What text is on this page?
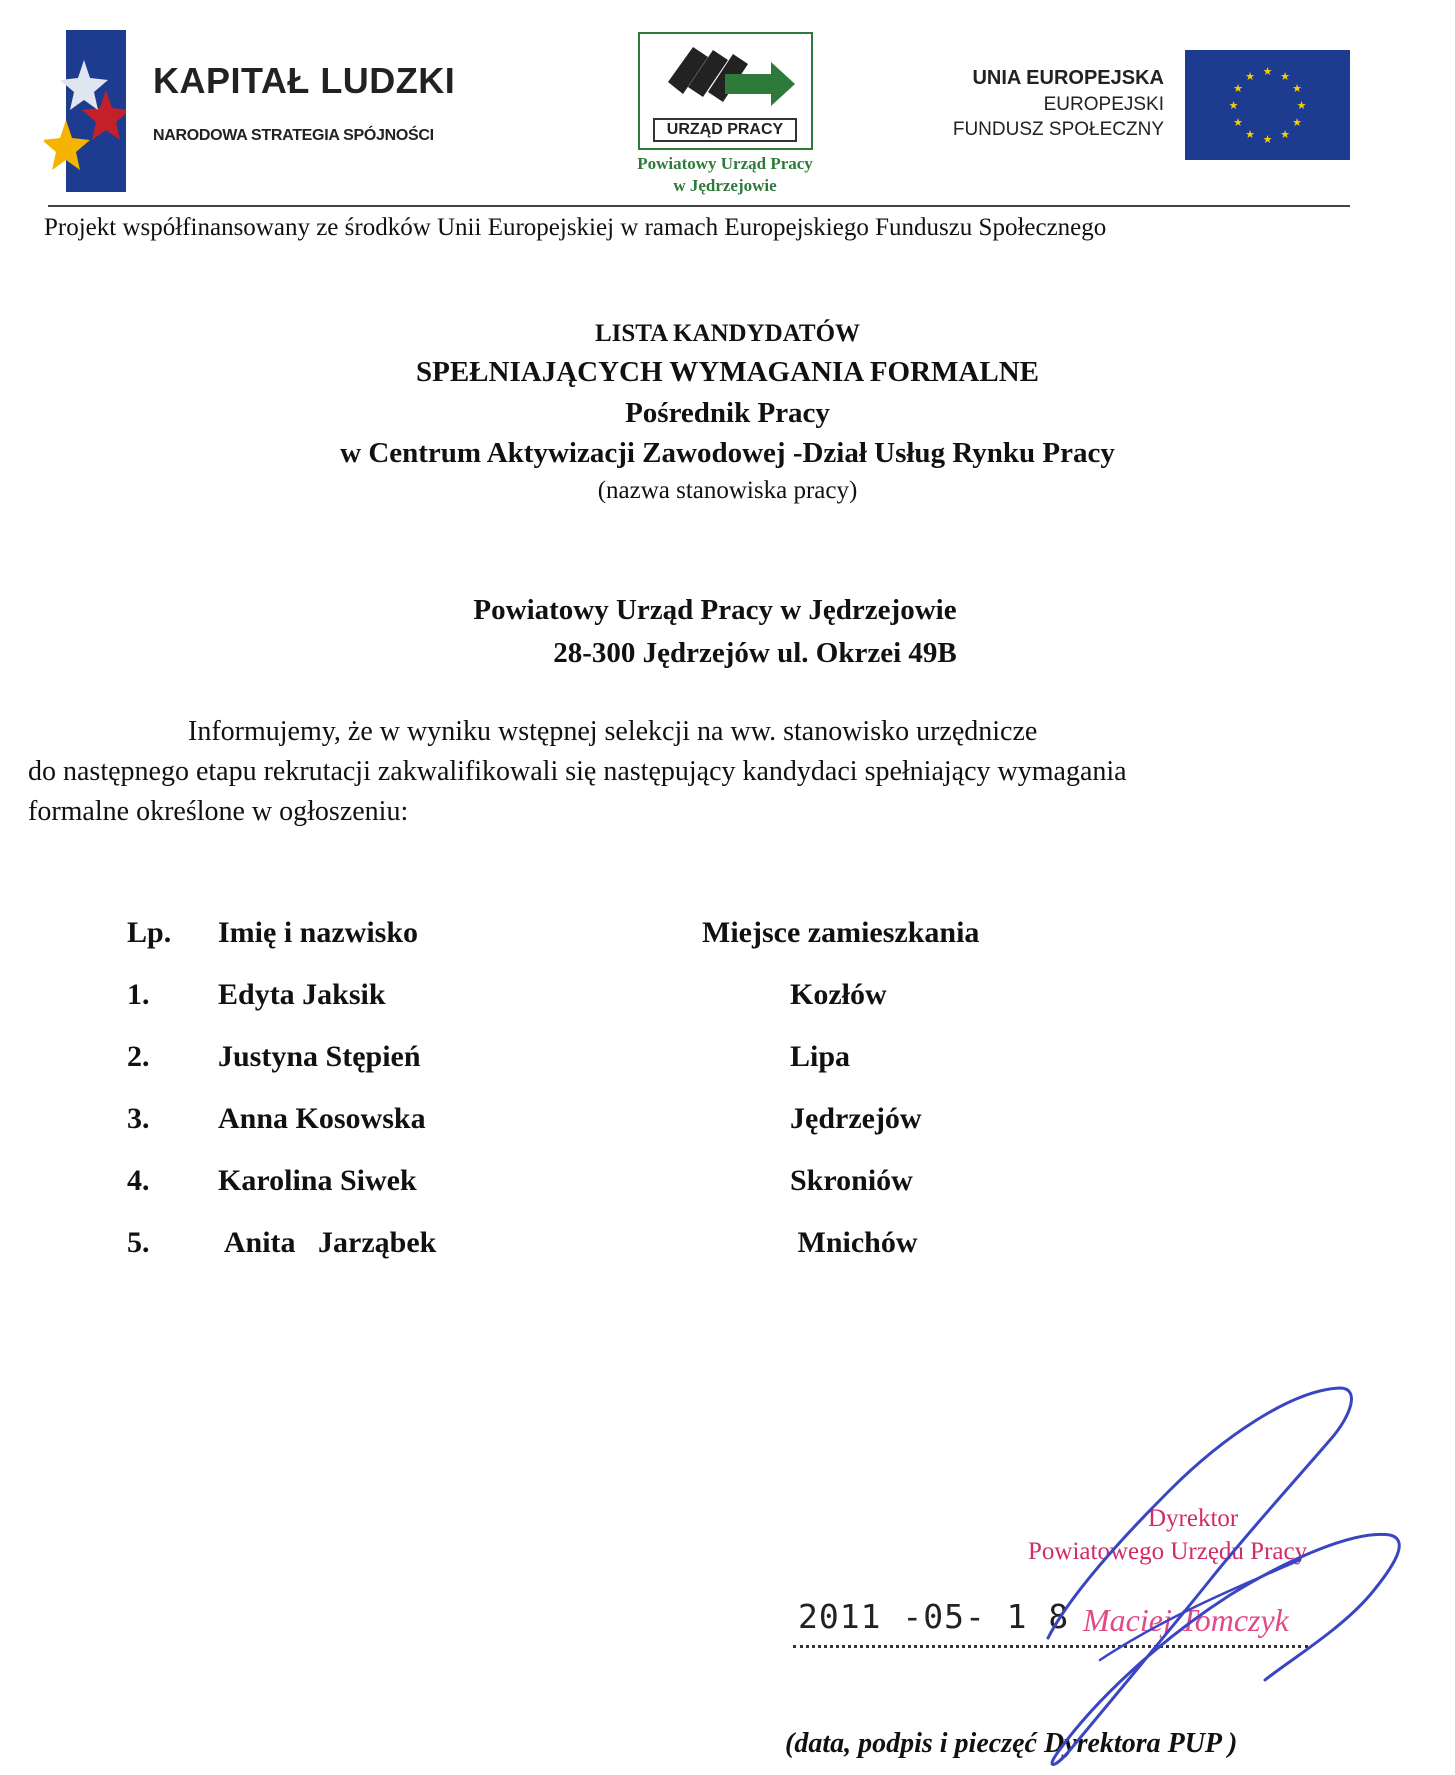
KAPITAŁ LUDZKI
NARODOWA STRATEGIA SPÓJNOŚCI	URZĄD PRACY
Powiatowy Urząd Pracy
w Jędrzejowie
UNIA EUROPEJSKA
EUROPEJSKI
FUNDUSZ SPOŁECZNY
★ ★
★
★
★
★
★
★
★
★
★
★
Projekt współfinansowany ze środków Unii Europejskiej w ramach Europejskiego Funduszu Społecznego
LISTA KANDYDATÓW
SPEŁNIAJĄCYCH WYMAGANIA FORMALNE
Pośrednik Pracy
w Centrum Aktywizacji Zawodowej -Dział Usług Rynku Pracy
(nazwa stanowiska pracy)
Powiatowy Urząd Pracy w Jędrzejowie
28-300 Jędrzejów ul. Okrzei 49B
Informujemy, że w wyniku wstępnej selekcji na ww. stanowisko urzędnicze
do następnego etapu rekrutacji zakwalifikowali się następujący kandydaci spełniający wymagania
formalne określone w ogłoszeniu:
Lp. Imię i nazwisko	Miejsce zamieszkania
1. Edyta Jaksik	Kozłów
2. Justyna Stępień	Lipa
3. Anna Kosowska	Jędrzejów
4. Karolina Siwek	Skroniów
5. Anita   Jarząbek	Mnichów
Dyrektor
Powiatowego Urzędu Pracy
Maciej Tomczyk
2011 -05- 1 8
(data, podpis i pieczęć Dyrektora PUP )
